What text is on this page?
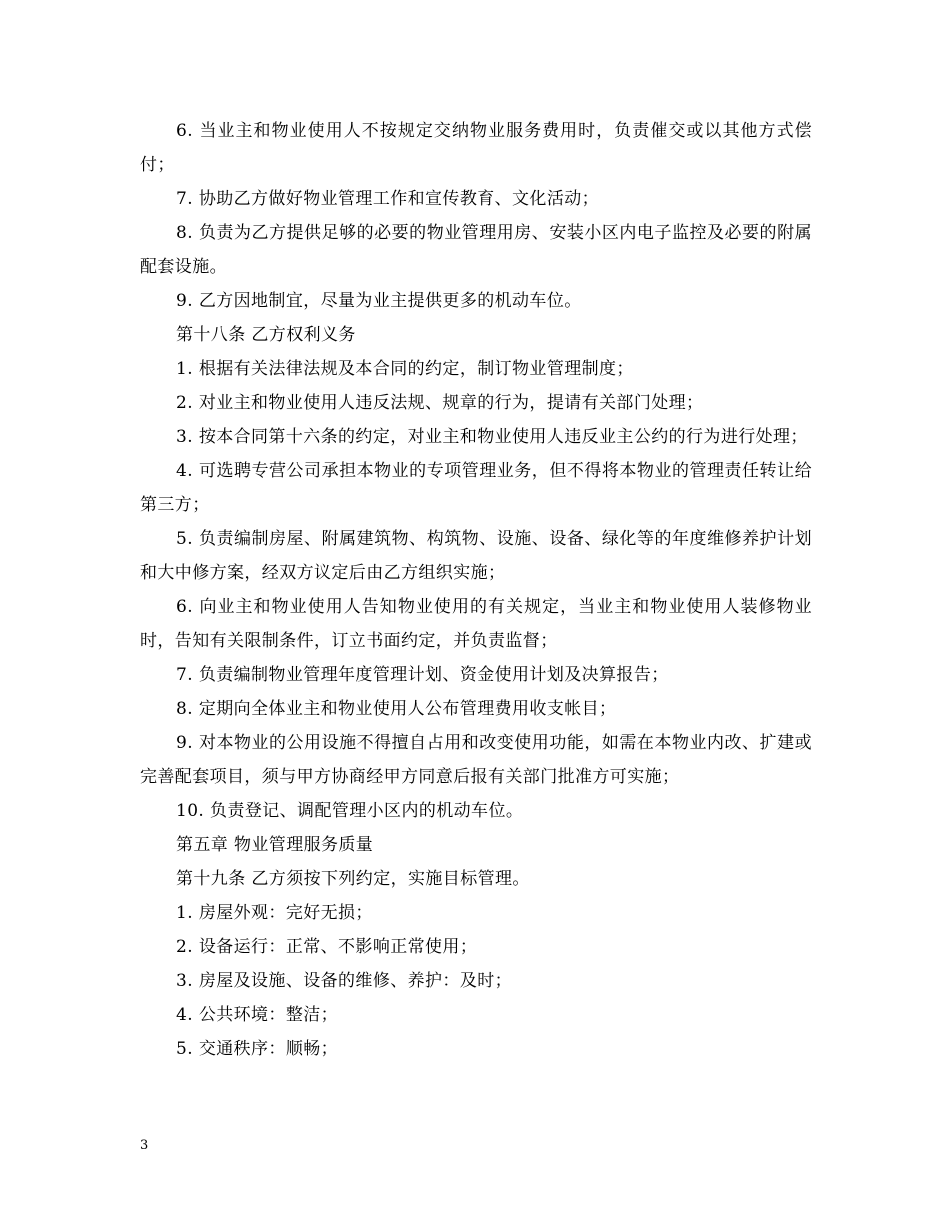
6. 当业主和物业使用人不按规定交纳物业服务费用时，负责催交或以其他方式偿付；

7. 协助乙方做好物业管理工作和宣传教育、文化活动；

8. 负责为乙方提供足够的必要的物业管理用房、安装小区内电子监控及必要的附属配套设施。

9. 乙方因地制宜，尽量为业主提供更多的机动车位。

第十八条 乙方权利义务

1. 根据有关法律法规及本合同的约定，制订物业管理制度；

2. 对业主和物业使用人违反法规、规章的行为，提请有关部门处理；

3. 按本合同第十六条的约定，对业主和物业使用人违反业主公约的行为进行处理；

4. 可选聘专营公司承担本物业的专项管理业务，但不得将本物业的管理责任转让给第三方；

5. 负责编制房屋、附属建筑物、构筑物、设施、设备、绿化等的年度维修养护计划和大中修方案，经双方议定后由乙方组织实施；

6. 向业主和物业使用人告知物业使用的有关规定，当业主和物业使用人装修物业时，告知有关限制条件，订立书面约定，并负责监督；

7. 负责编制物业管理年度管理计划、资金使用计划及决算报告；

8. 定期向全体业主和物业使用人公布管理费用收支帐目；

9. 对本物业的公用设施不得擅自占用和改变使用功能，如需在本物业内改、扩建或完善配套项目，须与甲方协商经甲方同意后报有关部门批准方可实施；

10. 负责登记、调配管理小区内的机动车位。

第五章 物业管理服务质量

第十九条 乙方须按下列约定，实施目标管理。

1. 房屋外观：完好无损；

2. 设备运行：正常、不影响正常使用；

3. 房屋及设施、设备的维修、养护：及时；

4. 公共环境：整洁；

5. 交通秩序：顺畅；

3
